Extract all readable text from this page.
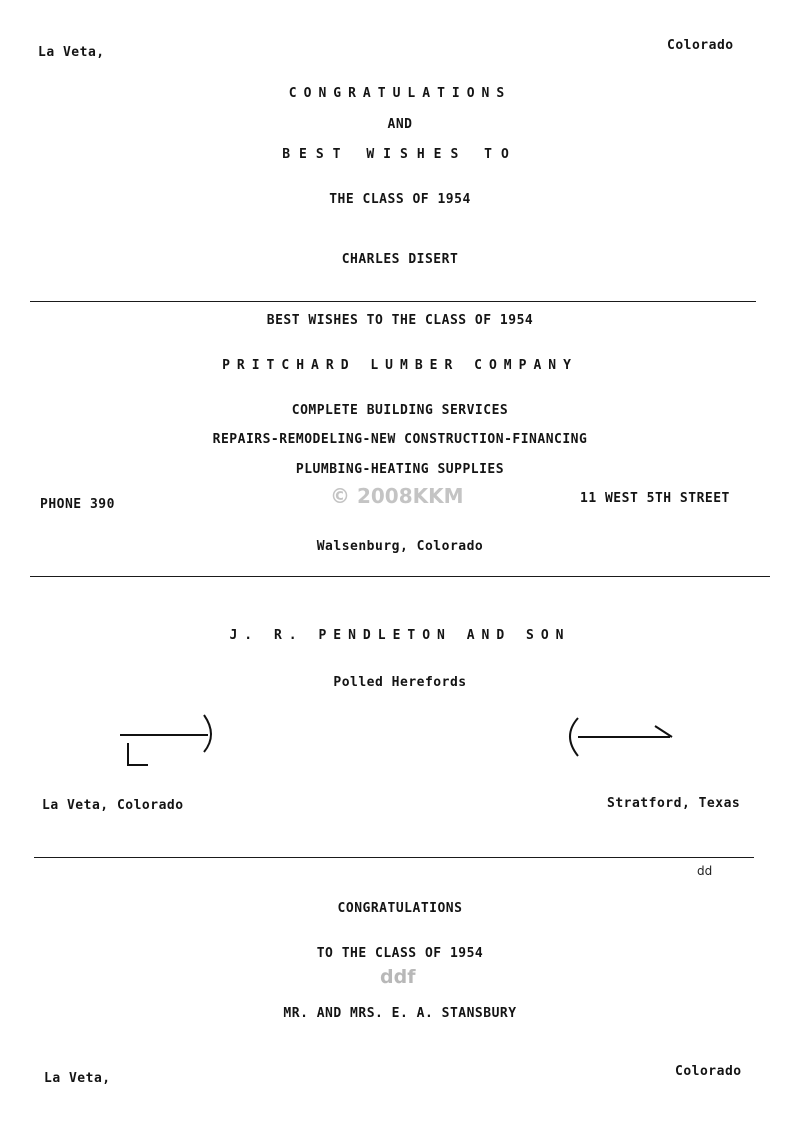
La Veta,	Colorado
CONGRATULATIONS
AND
BEST WISHES TO
THE CLASS OF 1954
CHARLES DISERT
BEST WISHES TO THE CLASS OF 1954
PRITCHARD LUMBER COMPANY
COMPLETE BUILDING SERVICES
REPAIRS-REMODELING-NEW CONSTRUCTION-FINANCING
PLUMBING-HEATING SUPPLIES
© 2008KKM
PHONE 390	11 WEST 5TH STREET
Walsenburg, Colorado
J. R. PENDLETON AND SON
Polled Herefords
La Veta, Colorado	Stratford, Texas
dd
CONGRATULATIONS
TO THE CLASS OF 1954
ddf
MR. AND MRS. E. A. STANSBURY
La Veta,	Colorado
